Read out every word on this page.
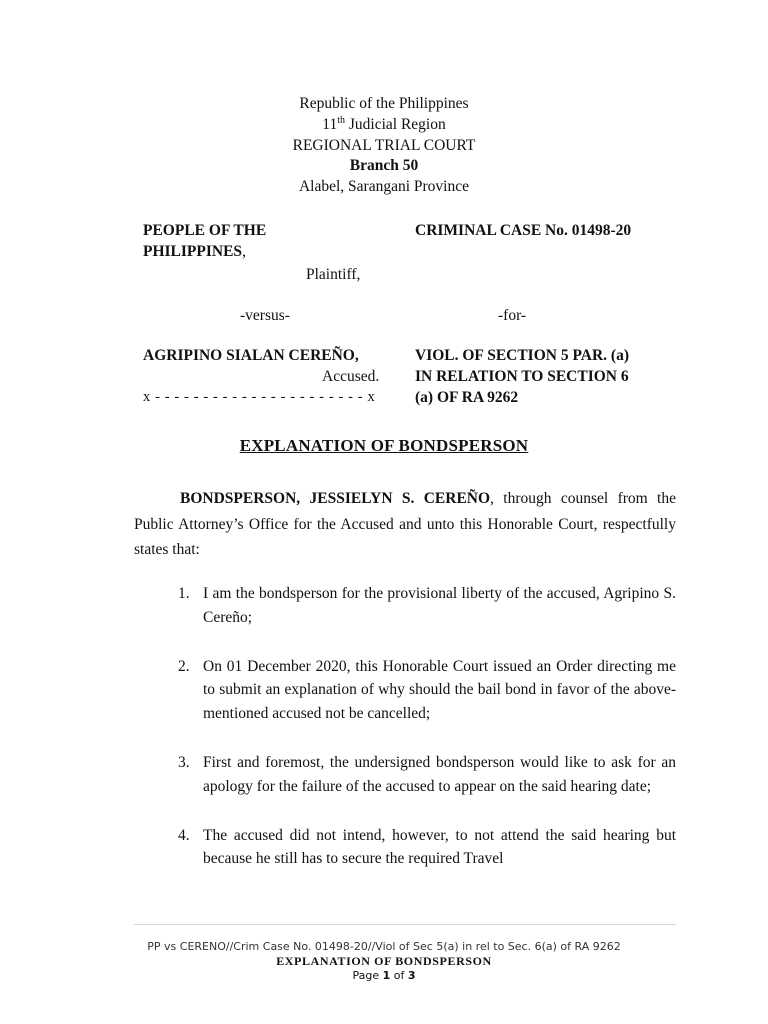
Republic of the Philippines
11th Judicial Region
REGIONAL TRIAL COURT
Branch 50
Alabel, Sarangani Province
PEOPLE OF THE
PHILIPPINES,
Plaintiff,
CRIMINAL CASE No. 01498-20
-versus-	-for-
AGRIPINO SIALAN CEREÑO,
Accused.
x - - - - - - - - - - - - - - - - - - - - - - x
VIOL. OF SECTION 5 PAR. (a)
IN RELATION TO SECTION 6
(a) OF RA 9262
EXPLANATION OF BONDSPERSON

BONDSPERSON, JESSIELYN S. CEREÑO, through counsel from the Public Attorney’s Office for the Accused and unto this Honorable Court, respectfully states that:

1. I am the bondsperson for the provisional liberty of the accused, Agripino S. Cereño;
2. On 01 December 2020, this Honorable Court issued an Order directing me to submit an explanation of why should the bail bond in favor of the above-mentioned accused not be cancelled;
3. First and foremost, the undersigned bondsperson would like to ask for an apology for the failure of the accused to appear on the said hearing date;
4. The accused did not intend, however, to not attend the said hearing but because he still has to secure the required Travel
PP vs CERENO//Crim Case No. 01498-20//Viol of Sec 5(a) in rel to Sec. 6(a) of RA 9262
EXPLANATION OF BONDSPERSON
Page 1 of 3
